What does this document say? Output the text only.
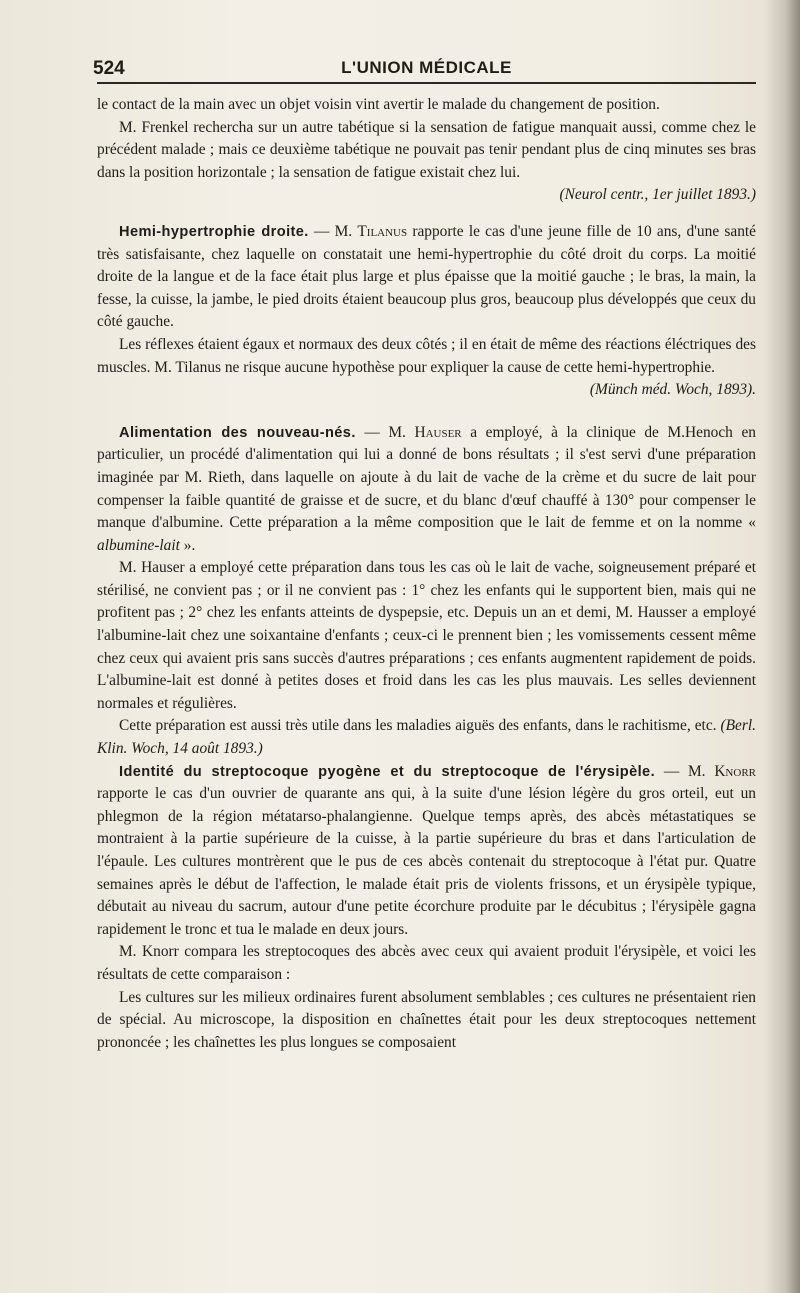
524	L'UNION MÉDICALE

le contact de la main avec un objet voisin vint avertir le malade du changement de position.

M. Frenkel rechercha sur un autre tabétique si la sensation de fatigue manquait aussi, comme chez le précédent malade ; mais ce deuxième tabétique ne pouvait pas tenir pendant plus de cinq minutes ses bras dans la position horizontale ; la sensation de fatigue existait chez lui.
(Neurol centr., 1er juillet 1893.)

Hemi-hypertrophie droite. — M. Tilanus rapporte le cas d'une jeune fille de 10 ans, d'une santé très satisfaisante, chez laquelle on constatait une hemi-hypertrophie du côté droit du corps. La moitié droite de la langue et de la face était plus large et plus épaisse que la moitié gauche ; le bras, la main, la fesse, la cuisse, la jambe, le pied droits étaient beaucoup plus gros, beaucoup plus développés que ceux du côté gauche.

Les réflexes étaient égaux et normaux des deux côtés ; il en était de même des réactions éléctriques des muscles. M. Tilanus ne risque aucune hypothèse pour expliquer la cause de cette hemi-hypertrophie.

(Münch méd. Woch, 1893).

Alimentation des nouveau-nés. — M. Hauser a employé, à la clinique de M.Henoch en particulier, un procédé d'alimentation qui lui a donné de bons résultats ; il s'est servi d'une préparation imaginée par M. Rieth, dans laquelle on ajoute à du lait de vache de la crème et du sucre de lait pour compenser la faible quantité de graisse et de sucre, et du blanc d'œuf chauffé à 130° pour compenser le manque d'albumine. Cette préparation a la même composition que le lait de femme et on la nomme « albumine-lait ».

M. Hauser a employé cette préparation dans tous les cas où le lait de vache, soigneusement préparé et stérilisé, ne convient pas ; or il ne convient pas : 1° chez les enfants qui le supportent bien, mais qui ne profitent pas ; 2° chez les enfants atteints de dyspepsie, etc. Depuis un an et demi, M. Hausser a employé l'albumine-lait chez une soixantaine d'enfants ; ceux-ci le prennent bien ; les vomissements cessent même chez ceux qui avaient pris sans succès d'autres préparations ; ces enfants augmentent rapidement de poids. L'albumine-lait est donné à petites doses et froid dans les cas les plus mauvais. Les selles deviennent normales et régulières.

Cette préparation est aussi très utile dans les maladies aiguës des enfants, dans le rachitisme, etc. (Berl. Klin. Woch, 14 août 1893.)

Identité du streptocoque pyogène et du streptocoque de l'érysipèle. — M. Knorr rapporte le cas d'un ouvrier de quarante ans qui, à la suite d'une lésion légère du gros orteil, eut un phlegmon de la région métatarso-phalangienne. Quelque temps après, des abcès métastatiques se montraient à la partie supérieure de la cuisse, à la partie supérieure du bras et dans l'articulation de l'épaule. Les cultures montrèrent que le pus de ces abcès contenait du streptocoque à l'état pur. Quatre semaines après le début de l'affection, le malade était pris de violents frissons, et un érysipèle typique, débutait au niveau du sacrum, autour d'une petite écorchure produite par le décubitus ; l'érysipèle gagna rapidement le tronc et tua le malade en deux jours.

M. Knorr compara les streptocoques des abcès avec ceux qui avaient produit l'érysipèle, et voici les résultats de cette comparaison :

Les cultures sur les milieux ordinaires furent absolument semblables ; ces cultures ne présentaient rien de spécial. Au microscope, la disposition en chaînettes était pour les deux streptocoques nettement prononcée ; les chaînettes les plus longues se composaient
